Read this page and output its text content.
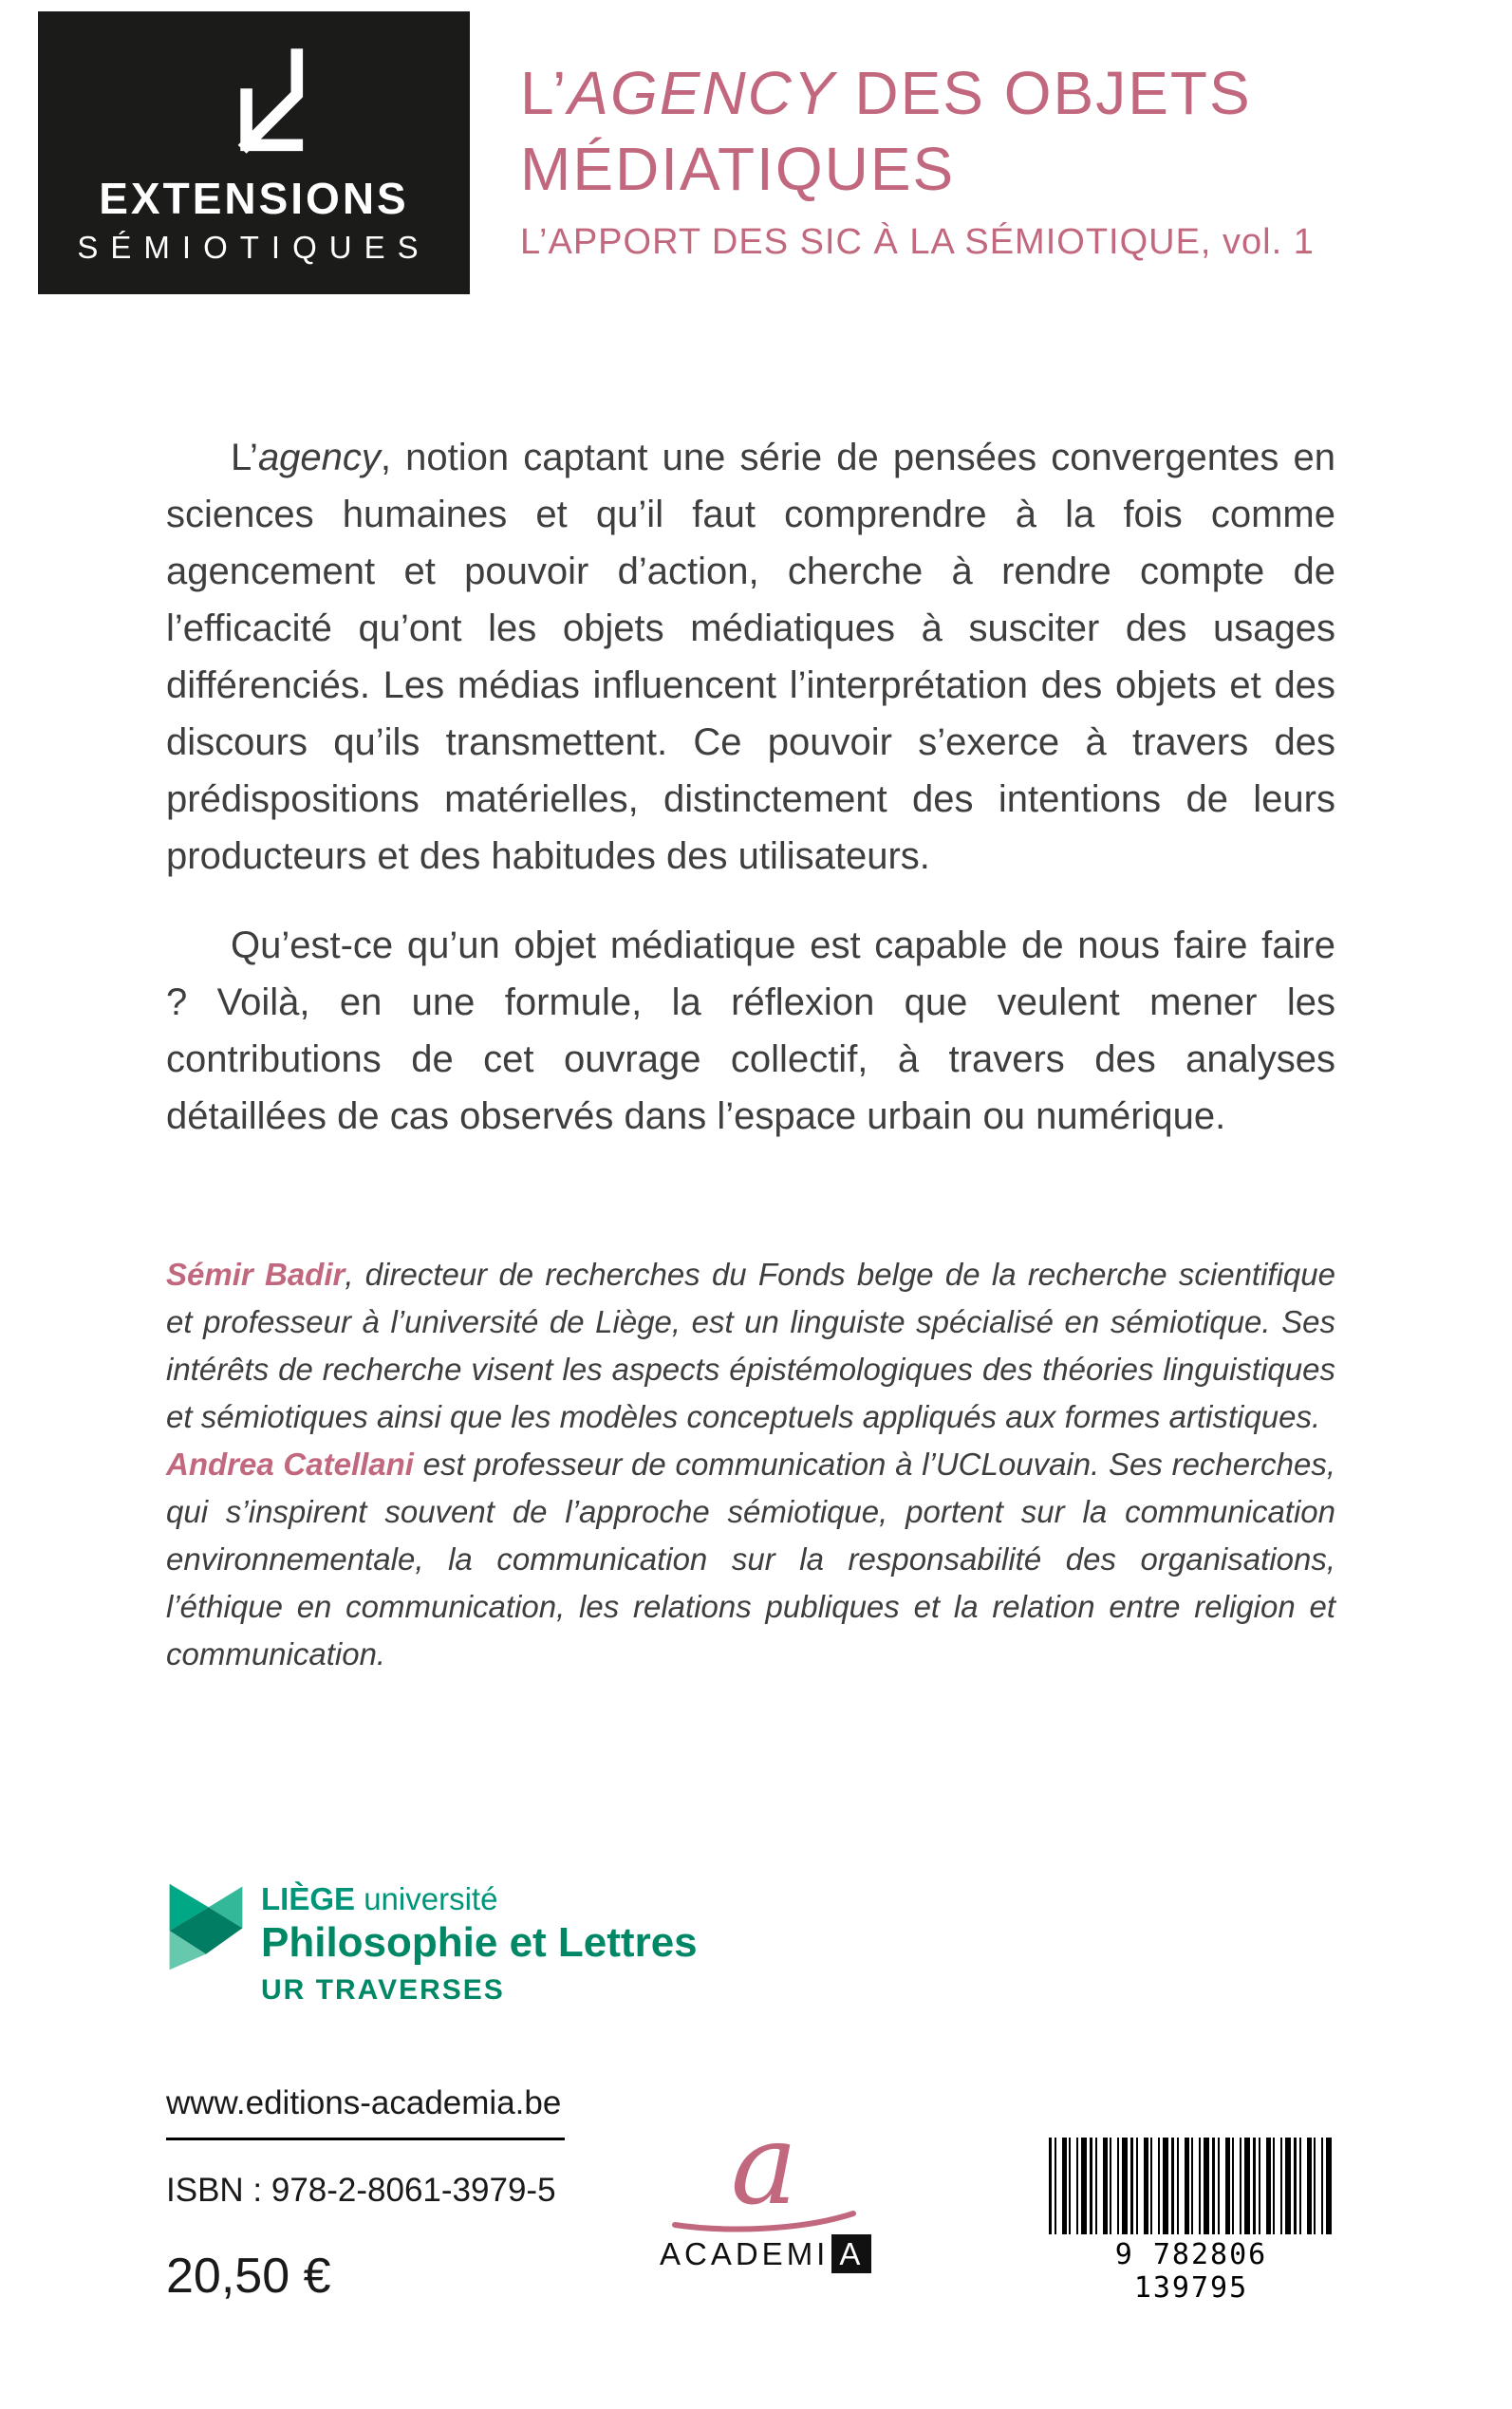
EXTENSIONS
SÉMIOTIQUES
L’AGENCY DES OBJETS
MÉDIATIQUES
L’APPORT DES SIC À LA SÉMIOTIQUE, vol. 1

L’agency, notion captant une série de pensées convergentes en sciences humaines et qu’il faut comprendre à la fois comme agencement et pouvoir d’action, cherche à rendre compte de l’efficacité qu’ont les objets médiatiques à susciter des usages différenciés. Les médias influencent l’interprétation des objets et des discours qu’ils transmettent. Ce pouvoir s’exerce à travers des prédispositions matérielles, distinctement des intentions de leurs producteurs et des habitudes des utilisateurs.

Qu’est-ce qu’un objet médiatique est capable de nous faire faire ? Voilà, en une formule, la réflexion que veulent mener les contributions de cet ouvrage collectif, à travers des analyses détaillées de cas observés dans l’espace urbain ou numérique.

Sémir Badir, directeur de recherches du Fonds belge de la recherche scientifique et professeur à l’université de Liège, est un linguiste spécialisé en sémiotique. Ses intérêts de recherche visent les aspects épistémologiques des théories linguistiques et sémiotiques ainsi que les modèles conceptuels appliqués aux formes artistiques.

Andrea Catellani est professeur de communication à l’UCLouvain. Ses recherches, qui s’inspirent souvent de l’approche sémiotique, portent sur la communication environnementale, la communication sur la responsabilité des organisations, l’éthique en communication, les relations publiques et la relation entre religion et communication.

LIÈGE université
Philosophie et Lettres
UR TRAVERSES
www.editions-academia.be
ISBN : 978-2-8061-3979-5
20,50 €
a
ACADEMI A	9 782806 139795
